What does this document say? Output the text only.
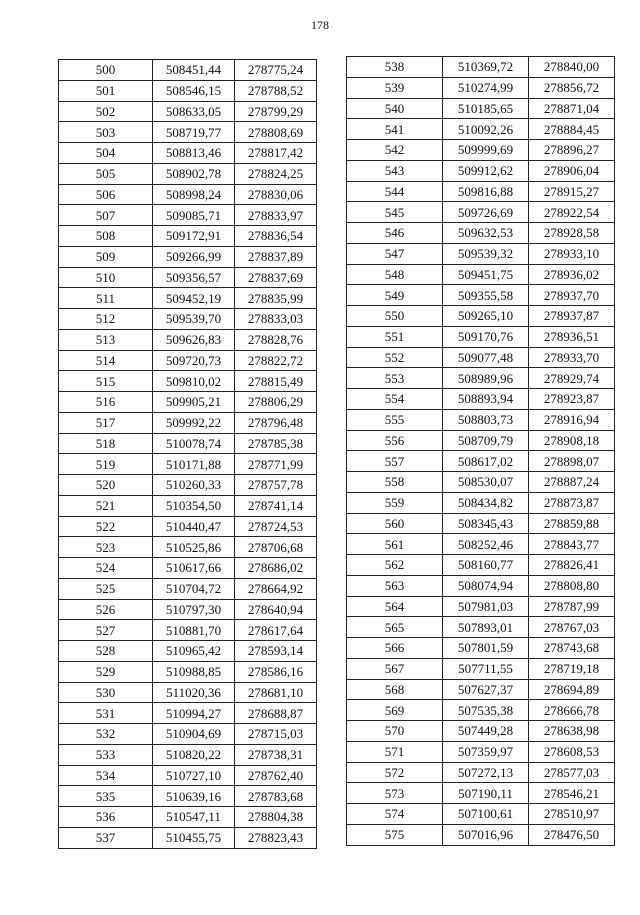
178
500	508451,44	278775,24
501	508546,15	278788,52
502	508633,05	278799,29
503	508719,77	278808,69
504	508813,46	278817,42
505	508902,78	278824,25
506	508998,24	278830,06
507	509085,71	278833,97
508	509172,91	278836,54
509	509266,99	278837,89
510	509356,57	278837,69
511	509452,19	278835,99
512	509539,70	278833,03
513	509626,83	278828,76
514	509720,73	278822,72
515	509810,02	278815,49
516	509905,21	278806,29
517	509992,22	278796,48
518	510078,74	278785,38
519	510171,88	278771,99
520	510260,33	278757,78
521	510354,50	278741,14
522	510440,47	278724,53
523	510525,86	278706,68
524	510617,66	278686,02
525	510704,72	278664,92
526	510797,30	278640,94
527	510881,70	278617,64
528	510965,42	278593,14
529	510988,85	278586,16
530	511020,36	278681,10
531	510994,27	278688,87
532	510904,69	278715,03
533	510820,22	278738,31
534	510727,10	278762,40
535	510639,16	278783,68
536	510547,11	278804,38
537	510455,75	278823,43
538	510369,72	278840,00
539	510274,99	278856,72
540	510185,65	278871,04
541	510092,26	278884,45
542	509999,69	278896,27
543	509912,62	278906,04
544	509816,88	278915,27
545	509726,69	278922,54
546	509632,53	278928,58
547	509539,32	278933,10
548	509451,75	278936,02
549	509355,58	278937,70
550	509265,10	278937,87
551	509170,76	278936,51
552	509077,48	278933,70
553	508989,96	278929,74
554	508893,94	278923,87
555	508803,73	278916,94
556	508709,79	278908,18
557	508617,02	278898,07
558	508530,07	278887,24
559	508434,82	278873,87
560	508345,43	278859,88
561	508252,46	278843,77
562	508160,77	278826,41
563	508074,94	278808,80
564	507981,03	278787,99
565	507893,01	278767,03
566	507801,59	278743,68
567	507711,55	278719,18
568	507627,37	278694,89
569	507535,38	278666,78
570	507449,28	278638,98
571	507359,97	278608,53
572	507272,13	278577,03
573	507190,11	278546,21
574	507100,61	278510,97
575	507016,96	278476,50
